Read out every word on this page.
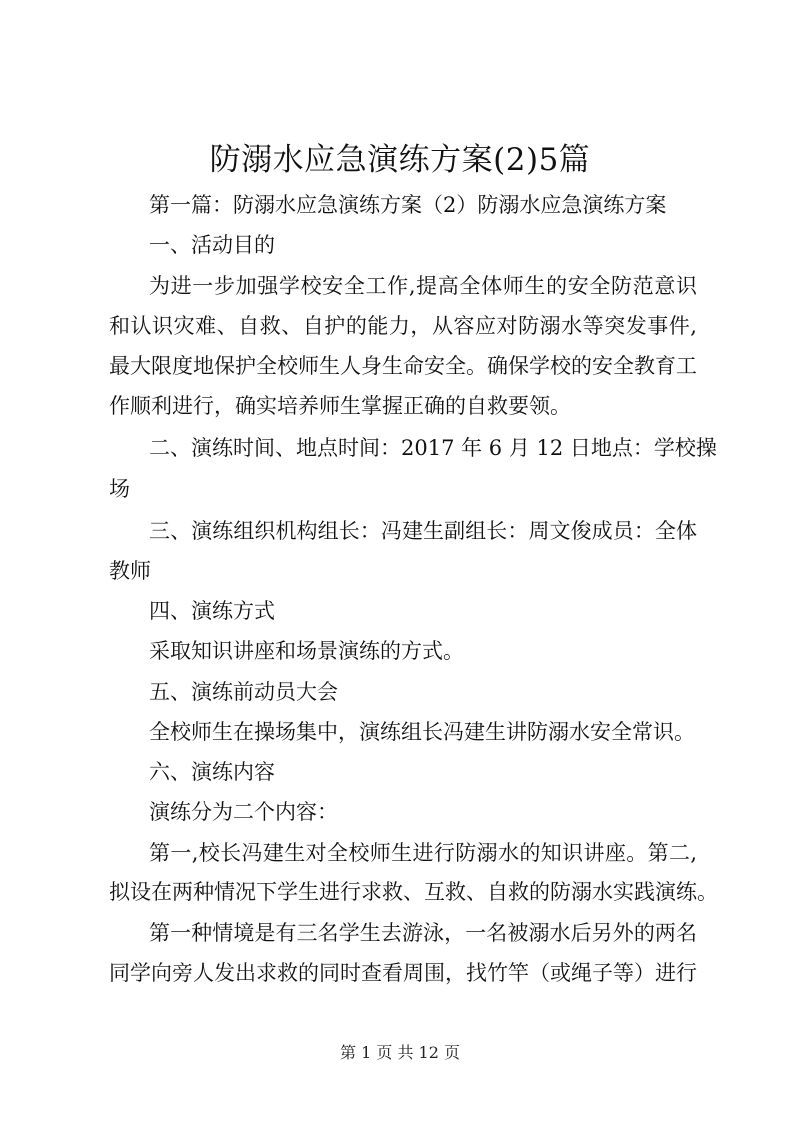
防溺水应急演练方案(2)5篇

第一篇：防溺水应急演练方案（2）防溺水应急演练方案

一、活动目的

为进一步加强学校安全工作,提高全体师生的安全防范意识

和认识灾难、自救、自护的能力，从容应对防溺水等突发事件,

最大限度地保护全校师生人身生命安全。确保学校的安全教育工

作顺利进行，确实培养师生掌握正确的自救要领。

二、演练时间、地点时间：2017 年 6 月 12 日地点：学校操

场

三、演练组织机构组长：冯建生副组长：周文俊成员：全体

教师

四、演练方式

采取知识讲座和场景演练的方式。

五、演练前动员大会

全校师生在操场集中，演练组长冯建生讲防溺水安全常识。

六、演练内容

演练分为二个内容：

第一,校长冯建生对全校师生进行防溺水的知识讲座。第二,

拟设在两种情况下学生进行求救、互救、自救的防溺水实践演练。

第一种情境是有三名学生去游泳，一名被溺水后另外的两名

同学向旁人发出求救的同时查看周围，找竹竿（或绳子等）进行

第 1 页 共 12 页
